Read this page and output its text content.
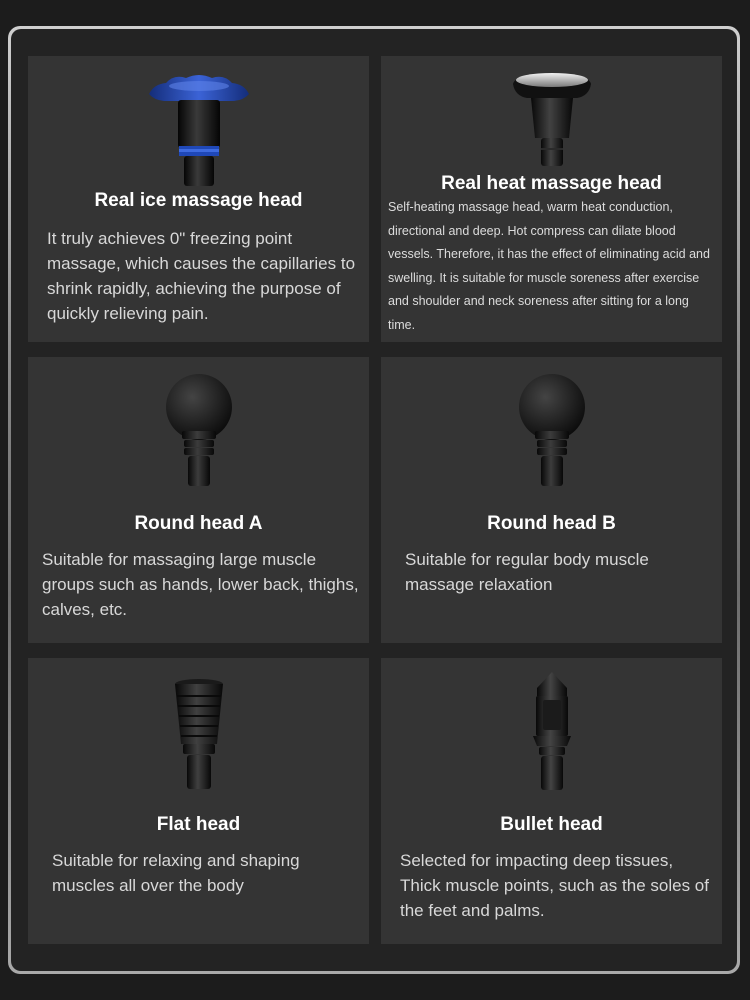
Real ice massage head
It truly achieves 0" freezing point massage, which causes the capillaries to shrink rapidly, achieving the purpose of quickly relieving pain.
Real heat massage head
Self-heating massage head, warm heat conduction, directional and deep. Hot compress can dilate blood vessels. Therefore, it has the effect of eliminating acid and swelling. It is suitable for muscle soreness after exercise and shoulder and neck soreness after sitting for a long time.
Round head A
Suitable for massaging large muscle groups such as hands, lower back, thighs, calves, etc.
Round head B
Suitable for regular body muscle massage relaxation
Flat head
Suitable for relaxing and shaping muscles all over the body
Bullet head
Selected for impacting deep tissues, Thick muscle points, such as the soles of the feet and palms.
